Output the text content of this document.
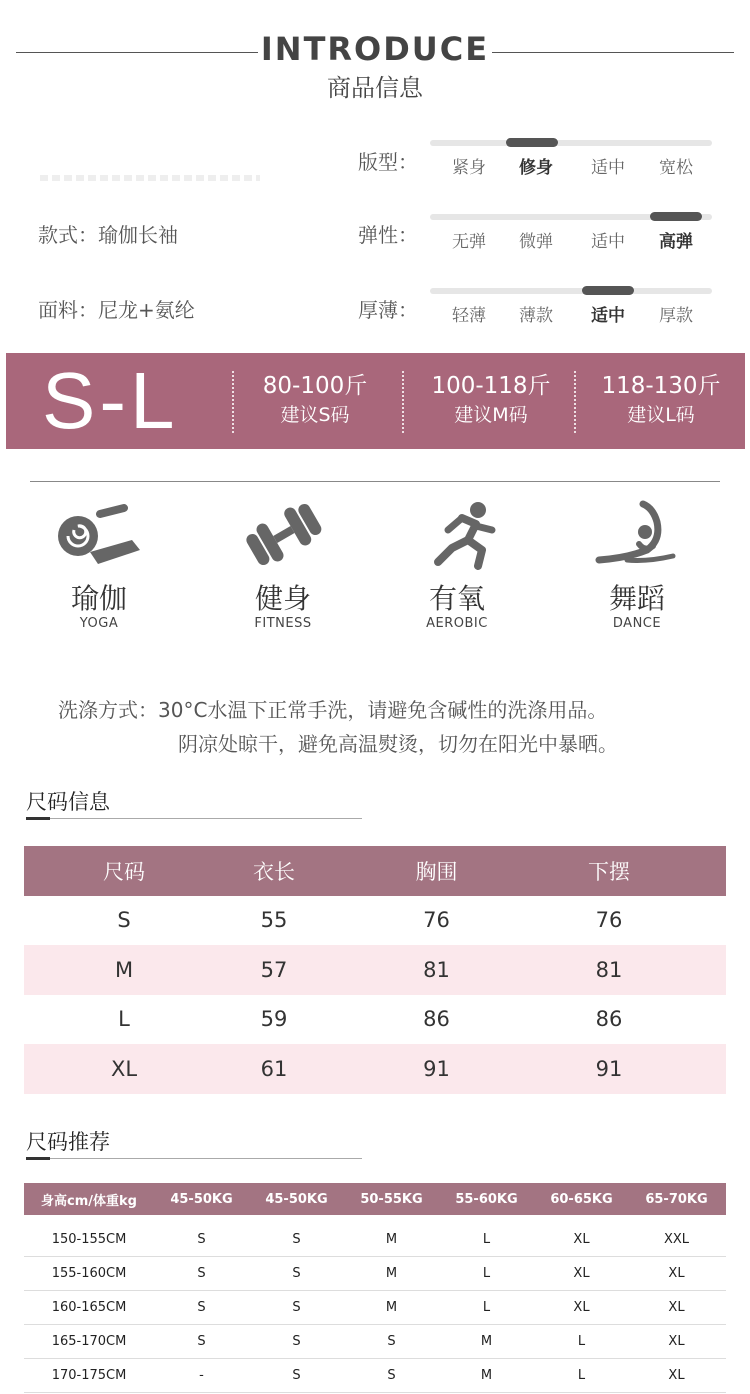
INTRODUCE
商品信息
款式：瑜伽长袖
面料：尼龙+氨纶
版型：	紧身	修身	适中	宽松
弹性：	无弹	微弹	适中	高弹
厚薄：	轻薄	薄款	适中	厚款
S-L	80-100斤
建议S码
100-118斤
建议M码
118-130斤
建议L码
瑜伽
YOGA
健身
FITNESS
有氧
AEROBIC
舞蹈
DANCE
洗涤方式：30°C水温下正常手洗，请避免含碱性的洗涤用品。
阴凉处晾干，避免高温熨烫，切勿在阳光中暴晒。
尺码信息
尺码	衣长	胸围	下摆
S	55	76	76
M	57	81	81
L	59	86	86
XL	61	91	91
尺码推荐
身高cm/体重kg	45-50KG	45-50KG	50-55KG	55-60KG	60-65KG	65-70KG
150-155CM	S	S	M	L	XL	XXL
155-160CM	S	S	M	L	XL	XL
160-165CM	S	S	M	L	XL	XL
165-170CM	S	S	S	M	L	XL
170-175CM	-	S	S	M	L	XL
